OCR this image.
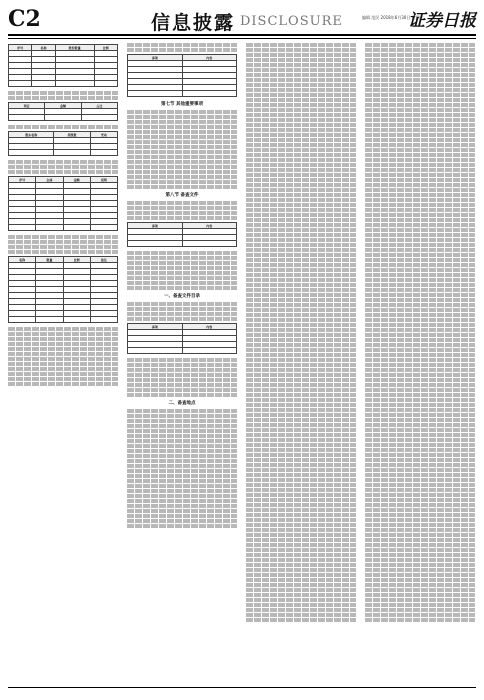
C2	信息披露 DISCLOSURE	编辑 范民 2018年6月30日 星期六
证券日报
序号	名称	股份数量	比例

项目	金额	占比

股东名称	持股数	变动

序号	主体	金额	说明

名称	数量	比例	备注

事项	内容

第七节 其他重要事项
第八节 备查文件
事项	内容

一、备查文件目录
事项	内容

二、备查地点
